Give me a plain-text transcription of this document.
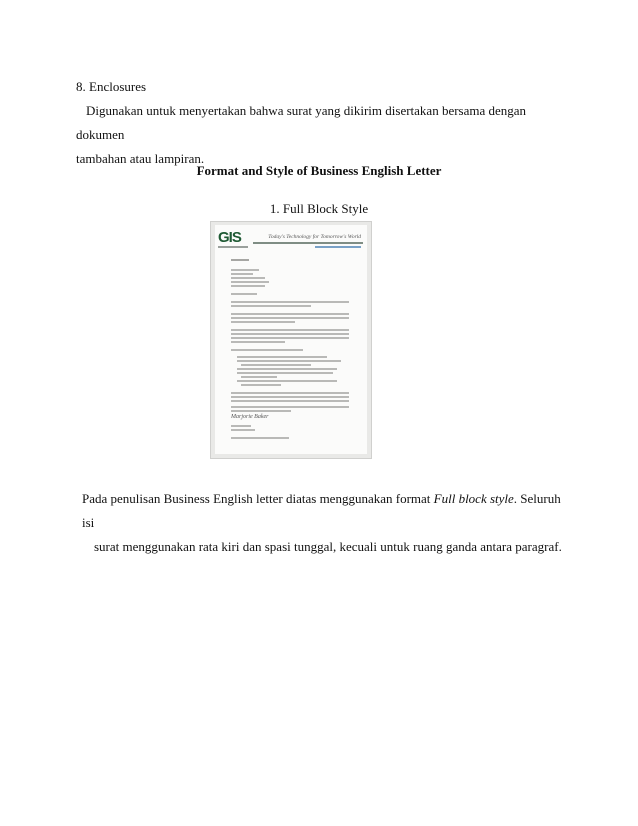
8. Enclosures
Digunakan untuk menyertakan bahwa surat yang dikirim disertakan bersama dengan dokumen
tambahan atau lampiran.
Format and Style of Business English Letter
1. Full Block Style
GIS	Today's Technology for Tomorrow's World
Marjorie Baker
Pada penulisan Business English letter diatas menggunakan format Full block style. Seluruh isi
surat menggunakan rata kiri dan spasi tunggal, kecuali untuk ruang ganda antara paragraf.
